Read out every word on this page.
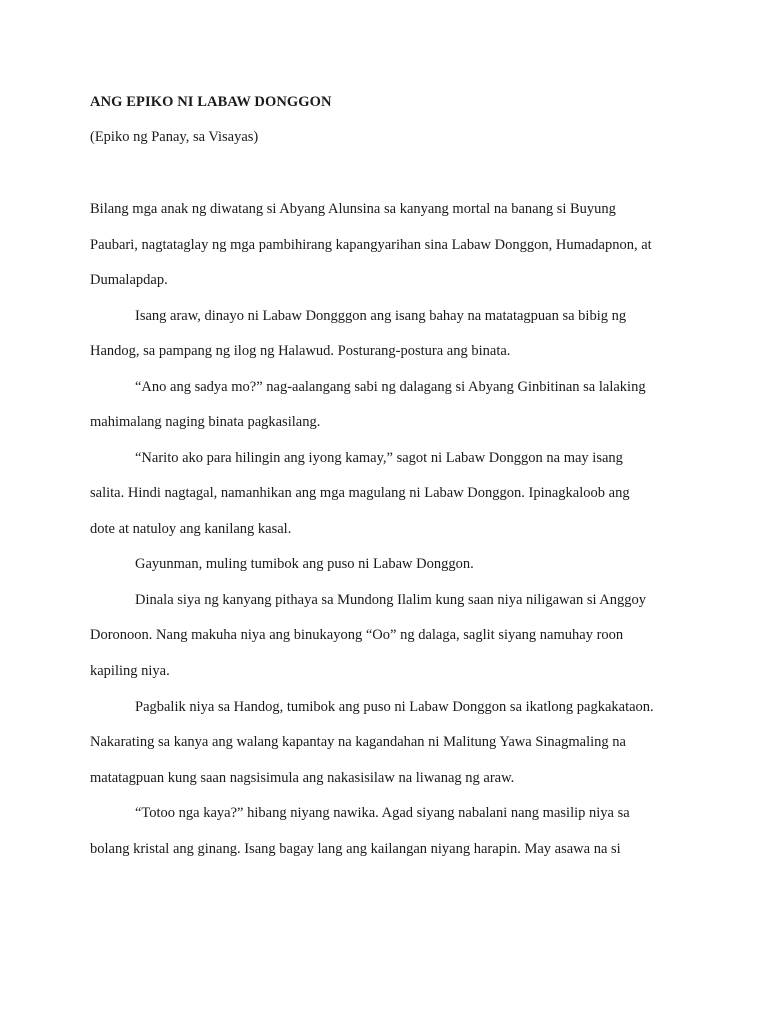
ANG EPIKO NI LABAW DONGGON
(Epiko ng Panay, sa Visayas)
Bilang mga anak ng diwatang si Abyang Alunsina sa kanyang mortal na banang si Buyung
Paubari, nagtataglay ng mga pambihirang kapangyarihan sina Labaw Donggon, Humadapnon, at
Dumalapdap.
Isang araw, dinayo ni Labaw Dongggon ang isang bahay na matatagpuan sa bibig ng
Handog, sa pampang ng ilog ng Halawud. Posturang-postura ang binata.
“Ano ang sadya mo?” nag-aalangang sabi ng dalagang si Abyang Ginbitinan sa lalaking
mahimalang naging binata pagkasilang.
“Narito ako para hilingin ang iyong kamay,” sagot ni Labaw Donggon na may isang
salita. Hindi nagtagal, namanhikan ang mga magulang ni Labaw Donggon. Ipinagkaloob ang
dote at natuloy ang kanilang kasal.
Gayunman, muling tumibok ang puso ni Labaw Donggon.
Dinala siya ng kanyang pithaya sa Mundong Ilalim kung saan niya niligawan si Anggoy
Doronoon. Nang makuha niya ang binukayong “Oo” ng dalaga, saglit siyang namuhay roon
kapiling niya.
Pagbalik niya sa Handog, tumibok ang puso ni Labaw Donggon sa ikatlong pagkakataon.
Nakarating sa kanya ang walang kapantay na kagandahan ni Malitung Yawa Sinagmaling na
matatagpuan kung saan nagsisimula ang nakasisilaw na liwanag ng araw.
“Totoo nga kaya?” hibang niyang nawika. Agad siyang nabalani nang masilip niya sa
bolang kristal ang ginang. Isang bagay lang ang kailangan niyang harapin. May asawa na si
